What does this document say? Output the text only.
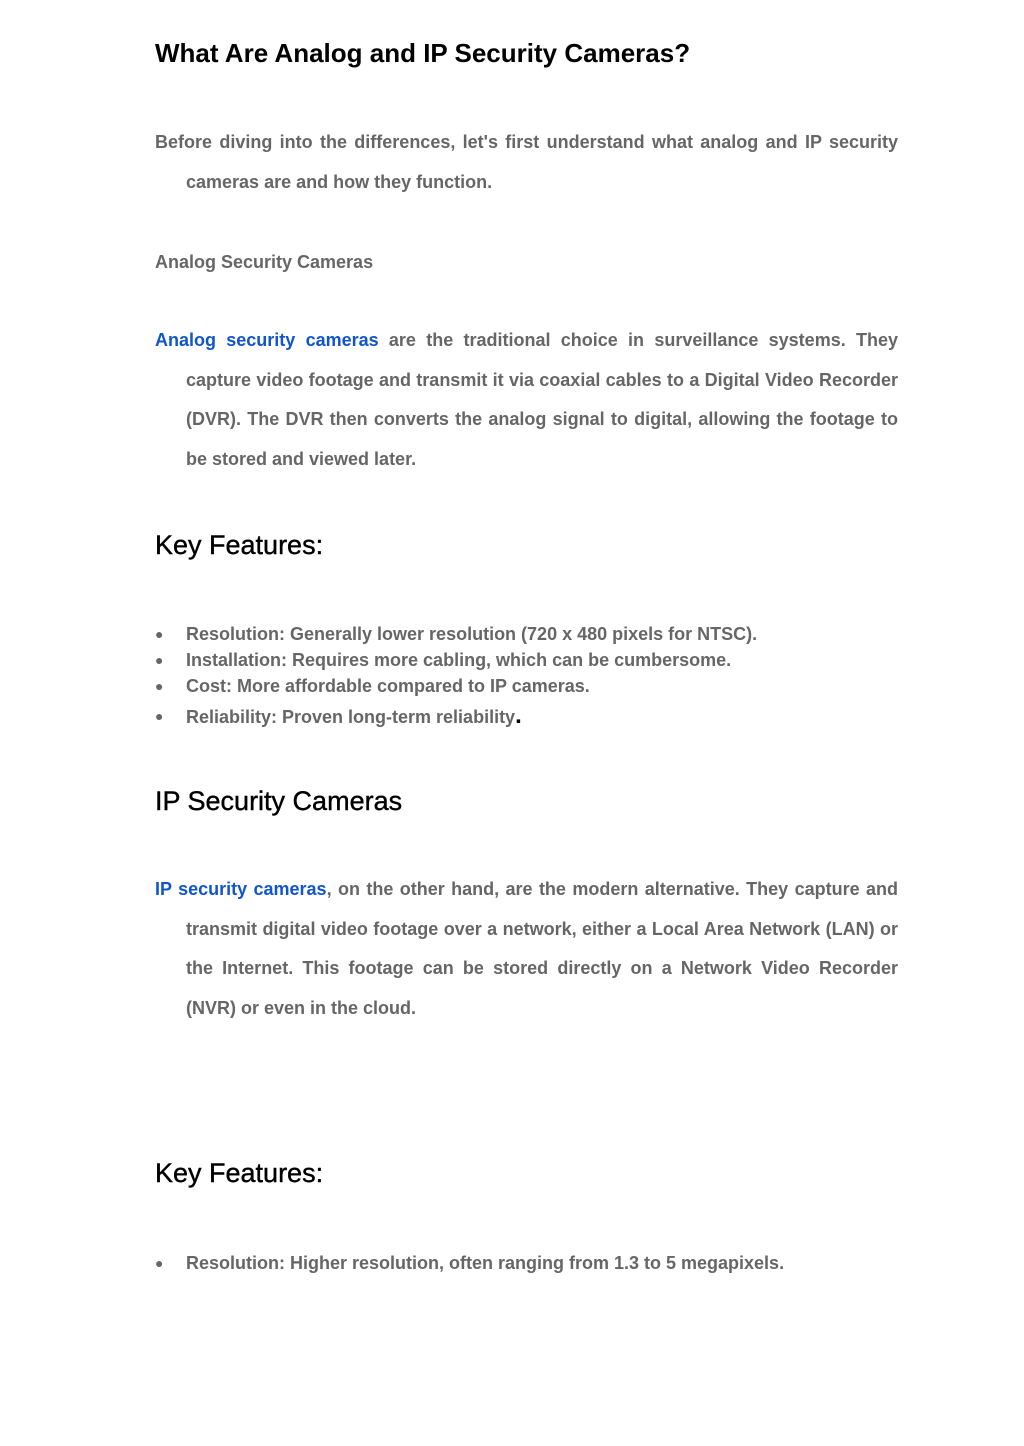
What Are Analog and IP Security Cameras?

Before diving into the differences, let's first understand what analog and IP security cameras are and how they function.

Analog Security Cameras

Analog security cameras are the traditional choice in surveillance systems. They capture video footage and transmit it via coaxial cables to a Digital Video Recorder (DVR). The DVR then converts the analog signal to digital, allowing the footage to be stored and viewed later.

Key Features:
●	Resolution: Generally lower resolution (720 x 480 pixels for NTSC).
●	Installation: Requires more cabling, which can be cumbersome.
●	Cost: More affordable compared to IP cameras.
●	Reliability: Proven long-term reliability.
IP Security Cameras

IP security cameras, on the other hand, are the modern alternative. They capture and transmit digital video footage over a network, either a Local Area Network (LAN) or the Internet. This footage can be stored directly on a Network Video Recorder (NVR) or even in the cloud.

Key Features:
●	Resolution: Higher resolution, often ranging from 1.3 to 5 megapixels.
